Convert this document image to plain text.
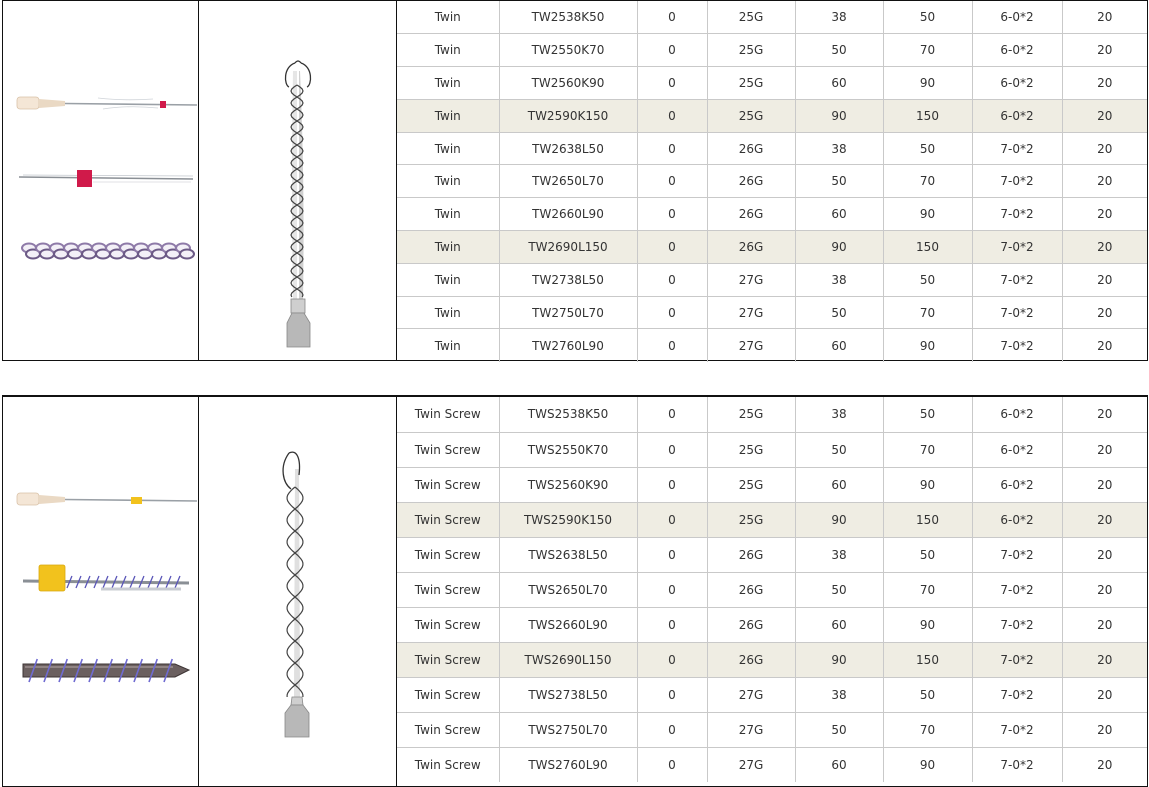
Twin	TW2538K50	0	25G	38	50	6-0*2	20
Twin	TW2550K70	0	25G	50	70	6-0*2	20
Twin	TW2560K90	0	25G	60	90	6-0*2	20
Twin	TW2590K150	0	25G	90	150	6-0*2	20
Twin	TW2638L50	0	26G	38	50	7-0*2	20
Twin	TW2650L70	0	26G	50	70	7-0*2	20
Twin	TW2660L90	0	26G	60	90	7-0*2	20
Twin	TW2690L150	0	26G	90	150	7-0*2	20
Twin	TW2738L50	0	27G	38	50	7-0*2	20
Twin	TW2750L70	0	27G	50	70	7-0*2	20
Twin	TW2760L90	0	27G	60	90	7-0*2	20
Twin Screw	TWS2538K50	0	25G	38	50	6-0*2	20
Twin Screw	TWS2550K70	0	25G	50	70	6-0*2	20
Twin Screw	TWS2560K90	0	25G	60	90	6-0*2	20
Twin Screw	TWS2590K150	0	25G	90	150	6-0*2	20
Twin Screw	TWS2638L50	0	26G	38	50	7-0*2	20
Twin Screw	TWS2650L70	0	26G	50	70	7-0*2	20
Twin Screw	TWS2660L90	0	26G	60	90	7-0*2	20
Twin Screw	TWS2690L150	0	26G	90	150	7-0*2	20
Twin Screw	TWS2738L50	0	27G	38	50	7-0*2	20
Twin Screw	TWS2750L70	0	27G	50	70	7-0*2	20
Twin Screw	TWS2760L90	0	27G	60	90	7-0*2	20
